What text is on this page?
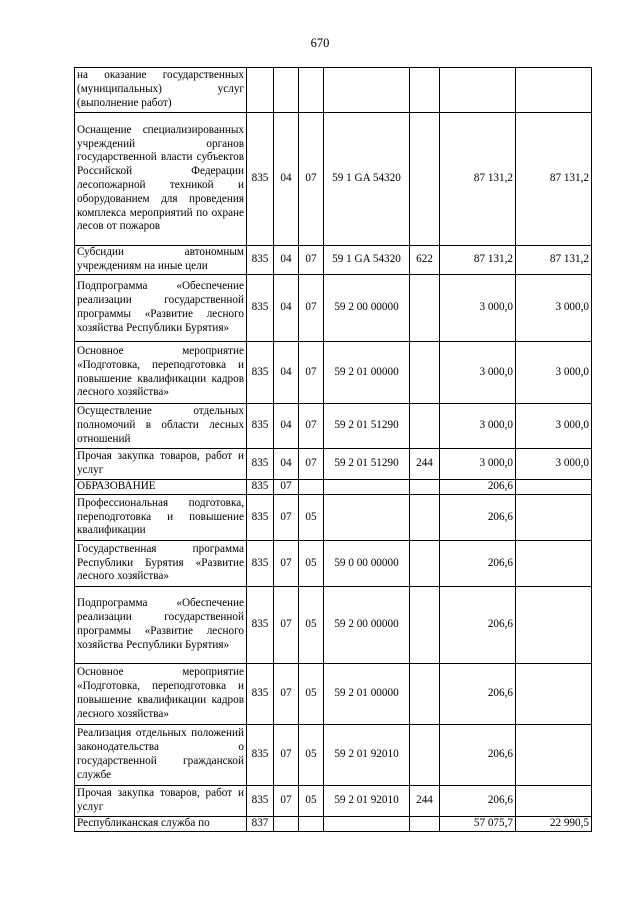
670
на оказание государственных (муниципальных) услуг (выполнение работ)							
Оснащение специализированных учреждений органов государственной власти субъектов Российской Федерации лесопожарной техникой и оборудованием для проведения комплекса мероприятий по охране лесов от пожаров	835	04	07	59 1 GA 54320		87 131,2	87 131,2
Субсидии автономным учреждениям на иные цели	835	04	07	59 1 GA 54320	622	87 131,2	87 131,2
Подпрограмма «Обеспечение реализации государственной программы «Развитие лесного хозяйства Республики Бурятия»	835	04	07	59 2 00 00000		3 000,0	3 000,0
Основное мероприятие «Подготовка, переподготовка и повышение квалификации кадров лесного хозяйства»	835	04	07	59 2 01 00000		3 000,0	3 000,0
Осуществление отдельных полномочий в области лесных отношений	835	04	07	59 2 01 51290		3 000,0	3 000,0
Прочая закупка товаров, работ и услуг	835	04	07	59 2 01 51290	244	3 000,0	3 000,0
ОБРАЗОВАНИЕ	835	07				206,6	
Профессиональная подготовка, переподготовка и повышение квалификации	835	07	05			206,6	
Государственная программа Республики Бурятия «Развитие лесного хозяйства»	835	07	05	59 0 00 00000		206,6	
Подпрограмма «Обеспечение реализации государственной программы «Развитие лесного хозяйства Республики Бурятия»	835	07	05	59 2 00 00000		206,6	
Основное мероприятие «Подготовка, переподготовка и повышение квалификации кадров лесного хозяйства»	835	07	05	59 2 01 00000		206,6	
Реализация отдельных положений законодательства о государственной гражданской службе	835	07	05	59 2 01 92010		206,6	
Прочая закупка товаров, работ и услуг	835	07	05	59 2 01 92010	244	206,6	
Республиканская служба по	837					57 075,7	22 990,5
